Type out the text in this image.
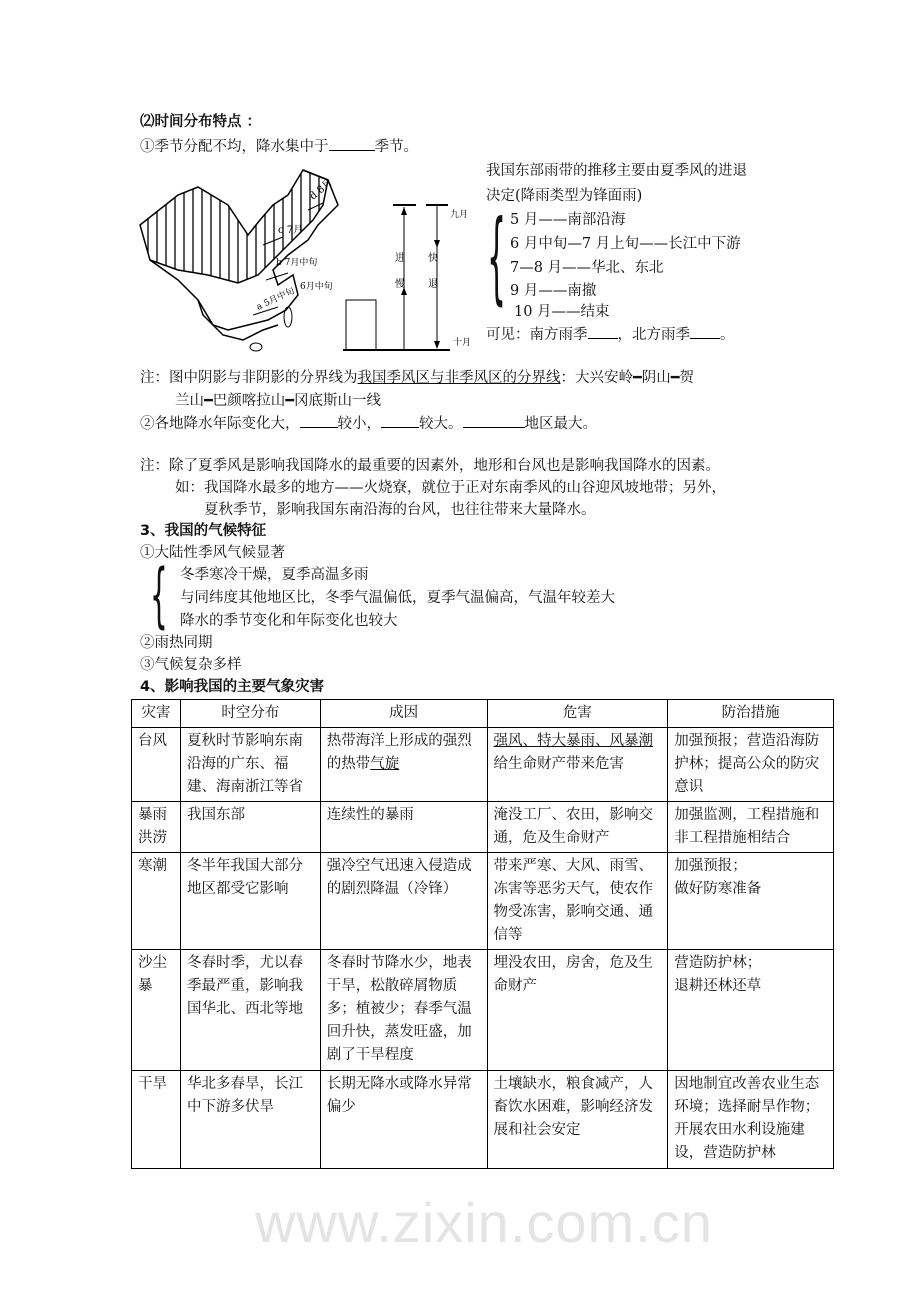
www.zixin.com.cn
⑵时间分布特点 ：
①季节分配不均，降水集中于	季节。
d 8月
c 7月
b 7月中旬
6月中旬
a 5月中旬
九月
十月
进
慢
快
退
我国东部雨带的推移主要由夏季风的进退
决定(降雨类型为锋面雨)
{ 5 月——南部沿海
6 月中旬—7 月上旬——长江中下游
7—8 月——华北、东北
9 月——南撤
10 月——结束
可见：南方雨季 ，北方雨季 。
注：图中阴影与非阴影的分界线为我国季风区与非季风区的分界线：大兴安岭━阴山━贺
兰山━巴颜喀拉山━冈底斯山一线
②各地降水年际变化大，	较小，	较大。	地区最大。
注：除了夏季风是影响我国降水的最重要的因素外，地形和台风也是影响我国降水的因素。
如：我国降水最多的地方——火烧寮，就位于正对东南季风的山谷迎风坡地带；另外，
夏秋季节，影响我国东南沿海的台风，也往往带来大量降水。
3、我国的气候特征
①大陆性季风气候显著
{ 冬季寒冷干燥，夏季高温多雨
与同纬度其他地区比，冬季气温偏低，夏季气温偏高，气温年较差大
降水的季节变化和年际变化也较大
②雨热同期
③气候复杂多样
4、影响我国的主要气象灾害
灾害	时空分布	成因	危害	防治措施
台风	夏秋时节影响东南沿海的广东、福建、海南浙江等省	热带海洋上形成的强烈的热带气旋	强风、特大暴雨、风暴潮给生命财产带来危害	加强预报；营造沿海防护林；提高公众的防灾意识
暴雨洪涝	我国东部	连续性的暴雨	淹没工厂、农田，影响交通，危及生命财产	加强监测，工程措施和非工程措施相结合
寒潮	冬半年我国大部分地区都受它影响	强冷空气迅速入侵造成的剧烈降温（冷锋）	带来严寒、大风、雨雪、冻害等恶劣天气，使农作物受冻害，影响交通、通信等	加强预报；
做好防寒准备

沙尘暴	冬春时季，尤以春季最严重，影响我国华北、西北等地	冬春时节降水少，地表干旱，松散碎屑物质多；植被少；春季气温回升快，蒸发旺盛，加剧了干旱程度	埋没农田，房舍，危及生命财产	营造防护林；
退耕还林还草

干旱	华北多春旱，长江中下游多伏旱	长期无降水或降水异常偏少	土壤缺水，粮食减产，人畜饮水困难，影响经济发展和社会安定	因地制宜改善农业生态环境；选择耐旱作物；开展农田水利设施建设，营造防护林
